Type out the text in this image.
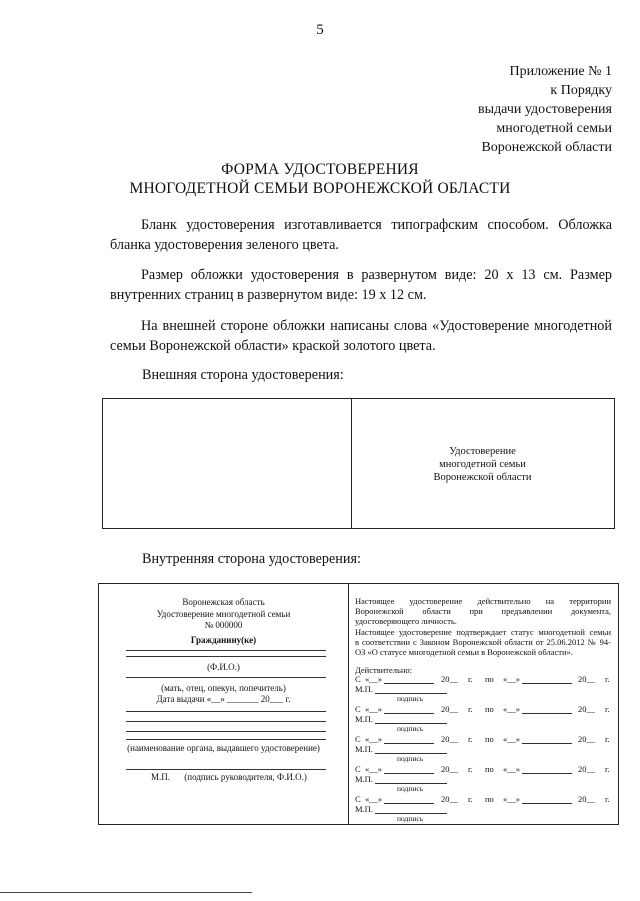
5
Приложение № 1
к Порядку
выдачи удостоверения
многодетной семьи
Воронежской области
ФОРМА УДОСТОВЕРЕНИЯ
МНОГОДЕТНОЙ СЕМЬИ ВОРОНЕЖСКОЙ ОБЛАСТИ
Бланк удостоверения изготавливается типографским способом. Обложка бланка удостоверения зеленого цвета.
Размер обложки удостоверения в развернутом виде: 20 х 13 см. Размер внутренних страниц в развернутом виде: 19 х 12 см.
На внешней стороне обложки написаны слова «Удостоверение многодетной семьи Воронежской области» краской золотого цвета.
Внешняя сторона удостоверения:
Удостоверение
многодетной семьи
Воронежской области
Внутренняя сторона удостоверения:
Воронежская область
Удостоверение многодетной семьи
№ 000000
Гражданину(ке)
(Ф.И.О.)
(мать, отец, опекун, попечитель)
Дата выдачи «__» _______ 20___ г.
(наименование органа, выдавшего удостоверение)
М.П. (подпись руководителя, Ф.И.О.)
Настоящее удостоверение действительно на территории
Воронежской области при предъявлении документа,
удостоверяющего личность.
Настоящее удостоверение подтверждает статус многодетной семьи
в соответствии с Законом Воронежской области от 25.06.2012 № 94-
ОЗ «О статусе многодетной семьи в Воронежской области».
Действительно:
С «__»	20__ г. по «__»	20__ г.
М.П.
подпись
С «__»	20__ г. по «__»	20__ г.
М.П.
подпись
С «__»	20__ г. по «__»	20__ г.
М.П.
подпись
С «__»	20__ г. по «__»	20__ г.
М.П.
подпись
С «__»	20__ г. по «__»	20__ г.
М.П.
подпись
